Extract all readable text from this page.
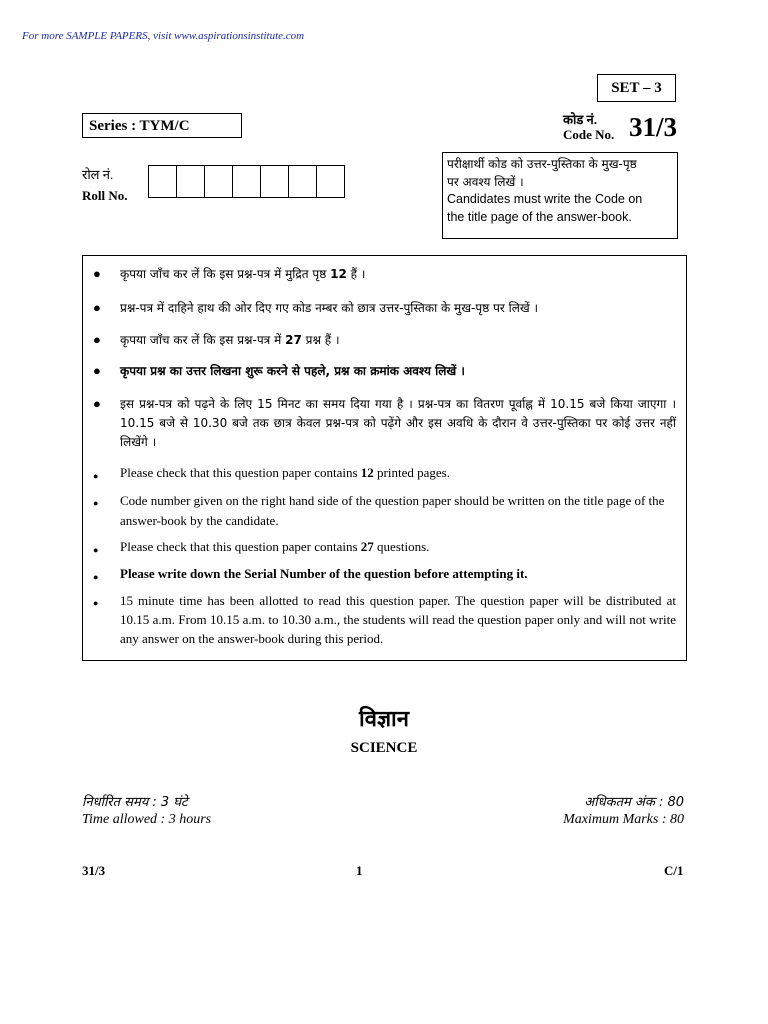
For more SAMPLE PAPERS, visit www.aspirationsinstitute.com
SET – 3
Series : TYM/C	कोड नं.
Code No. 31/3
रोल नं.
Roll No.
परीक्षार्थी कोड को उत्तर-पुस्तिका के मुख-पृष्ठ
पर अवश्य लिखें ।
Candidates must write the Code on
the title page of the answer-book.
● कृपया जाँच कर लें कि इस प्रश्न-पत्र में मुद्रित पृष्ठ 12 हैं ।
● प्रश्न-पत्र में दाहिने हाथ की ओर दिए गए कोड नम्बर को छात्र उत्तर-पुस्तिका के मुख-पृष्ठ पर लिखें ।
● कृपया जाँच कर लें कि इस प्रश्न-पत्र में 27 प्रश्न हैं ।
● कृपया प्रश्न का उत्तर लिखना शुरू करने से पहले, प्रश्न का क्रमांक अवश्य लिखें ।
● इस प्रश्न-पत्र को पढ़ने के लिए 15 मिनट का समय दिया गया है । प्रश्न-पत्र का वितरण पूर्वाह्न में 10.15 बजे किया जाएगा । 10.15 बजे से 10.30 बजे तक छात्र केवल प्रश्न-पत्र को पढ़ेंगे और इस अवधि के दौरान वे उत्तर-पुस्तिका पर कोई उत्तर नहीं लिखेंगे ।
● Please check that this question paper contains 12 printed pages.
● Code number given on the right hand side of the question paper should be written on the title page of the answer-book by the candidate.
● Please check that this question paper contains 27 questions.
● Please write down the Serial Number of the question before attempting it.
● 15 minute time has been allotted to read this question paper. The question paper will be distributed at 10.15 a.m. From 10.15 a.m. to 10.30 a.m., the students will read the question paper only and will not write any answer on the answer-book during this period.
विज्ञान
SCIENCE
निर्धारित समय : 3 घंटे
Time allowed : 3 hours
अधिकतम अंक : 80
Maximum Marks : 80
31/3	1	C/1
